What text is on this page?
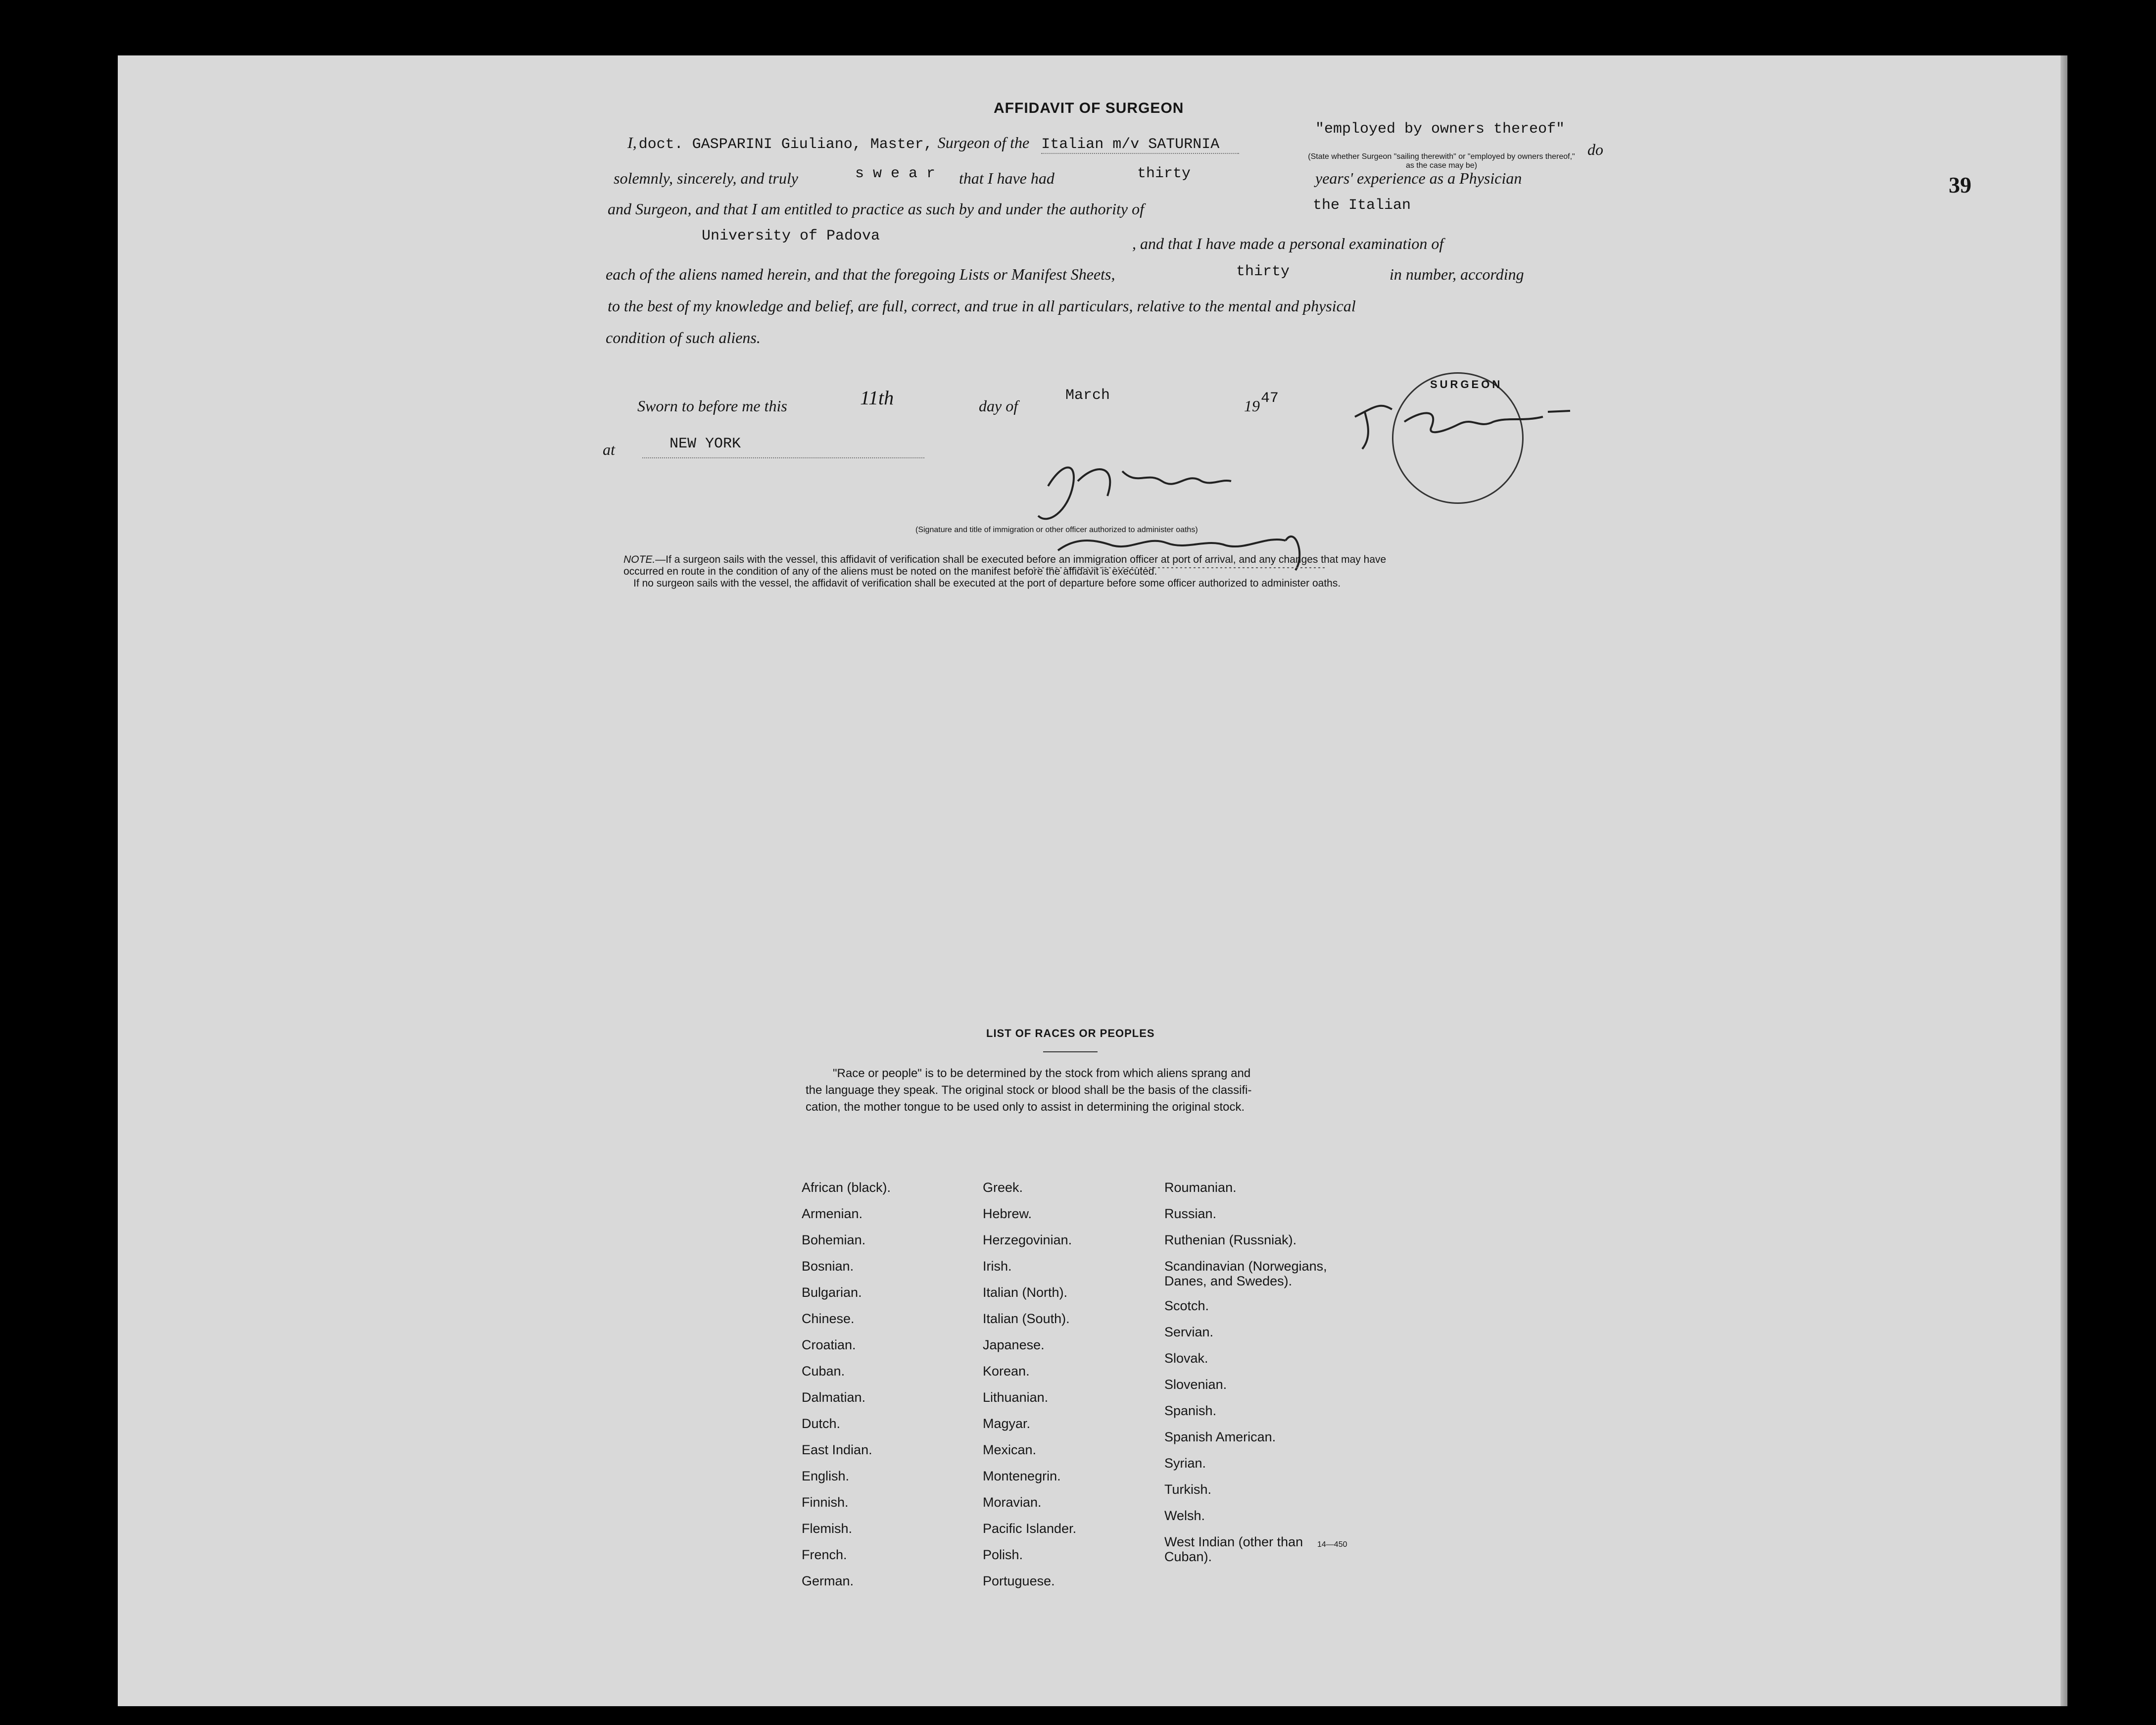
39
AFFIDAVIT OF SURGEON
I, doct. GASPARINI Giuliano, Master, Surgeon of the Italian m/v SATURNIA
"employed by owners thereof"
(State whether Surgeon "sailing therewith" or "employed by owners thereof," as the case may be)
do
solemnly, sincerely, and truly	s w e a r that I have had	thirty	years' experience as a Physician
and Surgeon, and that I am entitled to practice as such by and under the authority of	the Italian
University of Padova	, and that I have made a personal examination of
each of the aliens named herein, and that the foregoing Lists or Manifest Sheets,	thirty	in number, according
to the best of my knowledge and belief, are full, correct, and true in all particulars, relative to the mental and physical
condition of such aliens.
Sworn to before me this	11th	day of
March
19 47
at	NEW YORK
SURGEON
(Signature and title of immigration or other officer authorized to administer oaths)
NOTE.—If a surgeon sails with the vessel, this affidavit of verification shall be executed before an immigration officer at port of arrival, and any changes that may have
occurred en route in the condition of any of the aliens must be noted on the manifest before the affidavit is executed.
If no surgeon sails with the vessel, the affidavit of verification shall be executed at the port of departure before some officer authorized to administer oaths.
LIST OF RACES OR PEOPLES
"Race or people" is to be determined by the stock from which aliens sprang and
the language they speak. The original stock or blood shall be the basis of the classifi-
cation, the mother tongue to be used only to assist in determining the original stock.
African (black).
Armenian.
Bohemian.
Bosnian.
Bulgarian.
Chinese.
Croatian.
Cuban.
Dalmatian.
Dutch.
East Indian.
English.
Finnish.
Flemish.
French.
German.
Greek.
Hebrew.
Herzegovinian.
Irish.
Italian (North).
Italian (South).
Japanese.
Korean.
Lithuanian.
Magyar.
Mexican.
Montenegrin.
Moravian.
Pacific Islander.
Polish.
Portuguese.
Roumanian.
Russian.
Ruthenian (Russniak).
Scandinavian (Norwegians,
Danes, and Swedes).
Scotch.
Servian.
Slovak.
Slovenian.
Spanish.
Spanish American.
Syrian.
Turkish.
Welsh.
West Indian (other than
Cuban).
14—450
